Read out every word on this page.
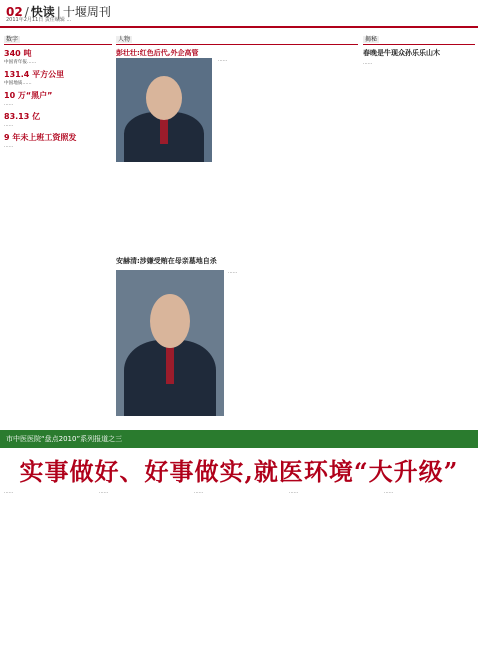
02 / 快读 | 十堰周刊
2011年2月11日 责任编辑 ...
数字
340 吨
中国青年报……
131.4 平方公里
中国地质……
10 万“黑户”
……
83.13 亿
……
9 年未上班工资照发
……
人物
彭壮壮:红色后代,外企高管
……
安赫清:涉嫌受贿在母亲墓地自杀
……
揭秘
春晚是牛现众孙乐乐山木
……
市中医医院“盘点2010”系列报道之三
实事做好、好事做实,就医环境“大升级”
……	……	……	……	……
